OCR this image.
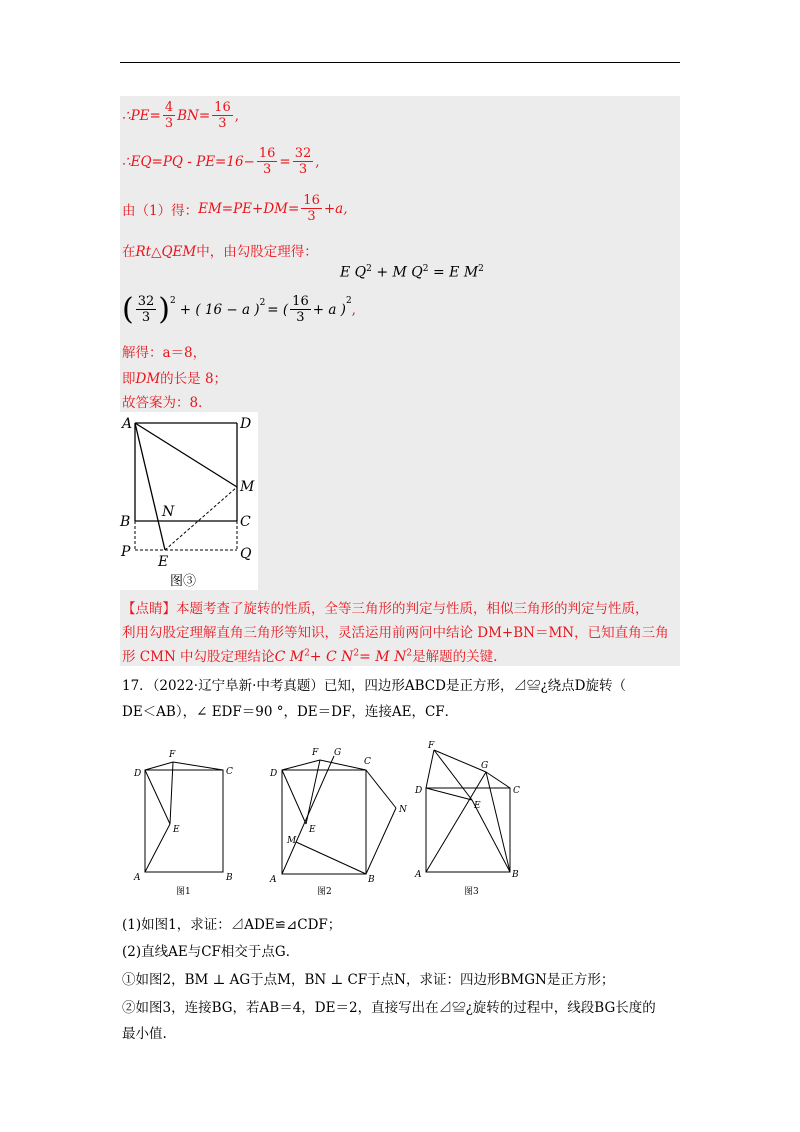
∴PE= $\frac{4}{3} BN= \frac{16}{3}$ ,
∴EQ=PQ - $PE=16- \frac{16}{3} = \frac{32}{3}$ ,
由（1）得： $EM=PE+DM= \frac{16}{3} +a$,
在Rt△QEM中，由勾股定理得：
E $Q^2 + M$ $Q^2 = E$ $M^2$
( $\frac{32}{3}$ ) 2
+ ( 16 − a ) 2 = ( $\frac{16}{3} + a$ )
2
,
解得：a＝8，
即DM的长是 8；
故答案为：8．
A	D
M
B
N
C
P
E	Q
图③
【点睛】本题考查了旋转的性质，全等三角形的判定与性质，相似三角形的判定与性质，
利用勾股定理解直角三角形等知识，灵活运用前两问中结论 DM+BN＝MN，已知直角三角
形 CMN 中勾股定理结论C $M^2+ C$ $N^2= M$ $N^2$是解题的关键.
17．（2022·辽宁阜新·中考真题）已知，四边形ABCD是正方形，⊿≌¿绕点D旋转（
DE＜AB），∠ EDF＝90 °，DE＝DF，连接AE，CF．
F
C
D
E
A	B
图1
F G
C
D
N
E
M
A	B
图2
F
G
D	C
E
A	B
图3
(1)如图1，求证：⊿ADE≌⊿CDF；
(2)直线AE与CF相交于点G．
①如图2，BM ⊥ AG于点M，BN ⊥ CF于点N，求证：四边形BMGN是正方形；
②如图3，连接BG，若AB＝4，DE＝2，直接写出在⊿≌¿旋转的过程中，线段BG长度的
最小值.
